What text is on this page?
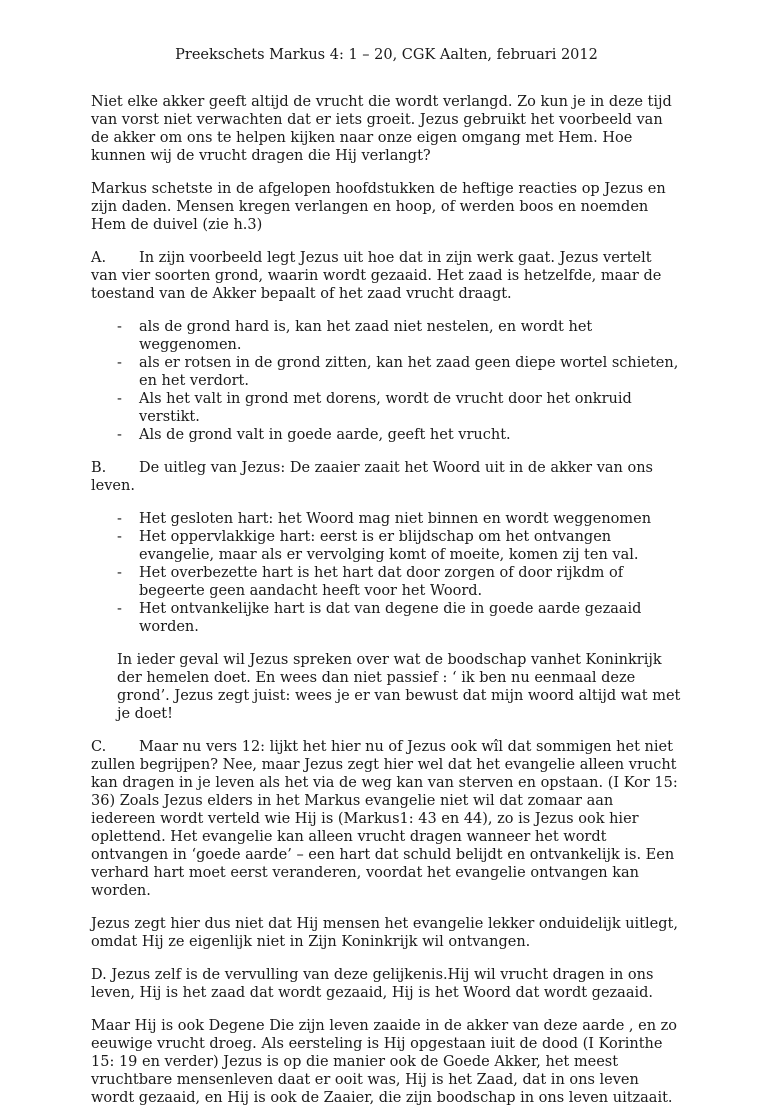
Preekschets Markus 4: 1 – 20, CGK Aalten, februari 2012

Niet elke akker geeft altijd de vrucht die wordt verlangd. Zo kun je in deze tijd van vorst niet verwachten dat er iets groeit. Jezus gebruikt het voorbeeld van de akker om ons te helpen kijken naar onze eigen omgang met Hem. Hoe kunnen wij de vrucht dragen die Hij verlangt?

Markus schetste in de afgelopen hoofdstukken de heftige reacties op Jezus en zijn daden. Mensen kregen verlangen en hoop, of werden boos en noemden Hem de duivel (zie h.3)

A. In zijn voorbeeld legt Jezus uit hoe dat in zijn werk gaat. Jezus vertelt van vier soorten grond, waarin wordt gezaaid. Het zaad is hetzelfde, maar de toestand van de Akker bepaalt of het zaad vrucht draagt.

- als de grond hard is, kan het zaad niet nestelen, en wordt het weggenomen.
- als er rotsen in de grond zitten, kan het zaad geen diepe wortel schieten, en het verdort.
- Als het valt in grond met dorens, wordt de vrucht door het onkruid verstikt.
- Als de grond valt in goede aarde, geeft het vrucht.

B. De uitleg van Jezus: De zaaier zaait het Woord uit in de akker van ons leven.

- Het gesloten hart: het Woord mag niet binnen en wordt weggenomen
- Het oppervlakkige hart: eerst is er blijdschap om het ontvangen evangelie, maar als er vervolging komt of moeite, komen zij ten val.
- Het overbezette hart is het hart dat door zorgen of door rijkdm of begeerte geen aandacht heeft voor het Woord.
- Het ontvankelijke hart is dat van degene die in goede aarde gezaaid worden.

In ieder geval wil Jezus spreken over wat de boodschap vanhet Koninkrijk der hemelen doet. En wees dan niet passief : ‘ ik ben nu eenmaal deze grond’. Jezus zegt juist: wees je er van bewust dat mijn woord altijd wat met je doet!

C. Maar nu vers 12: lijkt het hier nu of Jezus ook wîl dat sommigen het niet zullen begrijpen? Nee, maar Jezus zegt hier wel dat het evangelie alleen vrucht kan dragen in je leven als het via de weg kan van sterven en opstaan. (I Kor 15: 36) Zoals Jezus elders in het Markus evangelie niet wil dat zomaar aan iedereen wordt verteld wie Hij is (Markus1: 43 en 44), zo is Jezus ook hier oplettend. Het evangelie kan alleen vrucht dragen wanneer het wordt ontvangen in ‘goede aarde’ – een hart dat schuld belijdt en ontvankelijk is. Een verhard hart moet eerst veranderen, voordat het evangelie ontvangen kan worden.

Jezus zegt hier dus niet dat Hij mensen het evangelie lekker onduidelijk uitlegt, omdat Hij ze eigenlijk niet in Zijn Koninkrijk wil ontvangen.

D. Jezus zelf is de vervulling van deze gelijkenis.Hij wil vrucht dragen in ons leven, Hij is het zaad dat wordt gezaaid, Hij is het Woord dat wordt gezaaid.

Maar Hij is ook Degene Die zijn leven zaaide in de akker van deze aarde , en zo eeuwige vrucht droeg. Als eersteling is Hij opgestaan iuit de dood (I Korinthe 15: 19 en verder) Jezus is op die manier ook de Goede Akker, het meest vruchtbare mensenleven daat er ooit was, Hij is het Zaad, dat in ons leven wordt gezaaid, en Hij is ook de Zaaier, die zijn boodschap in ons leven uitzaait.
